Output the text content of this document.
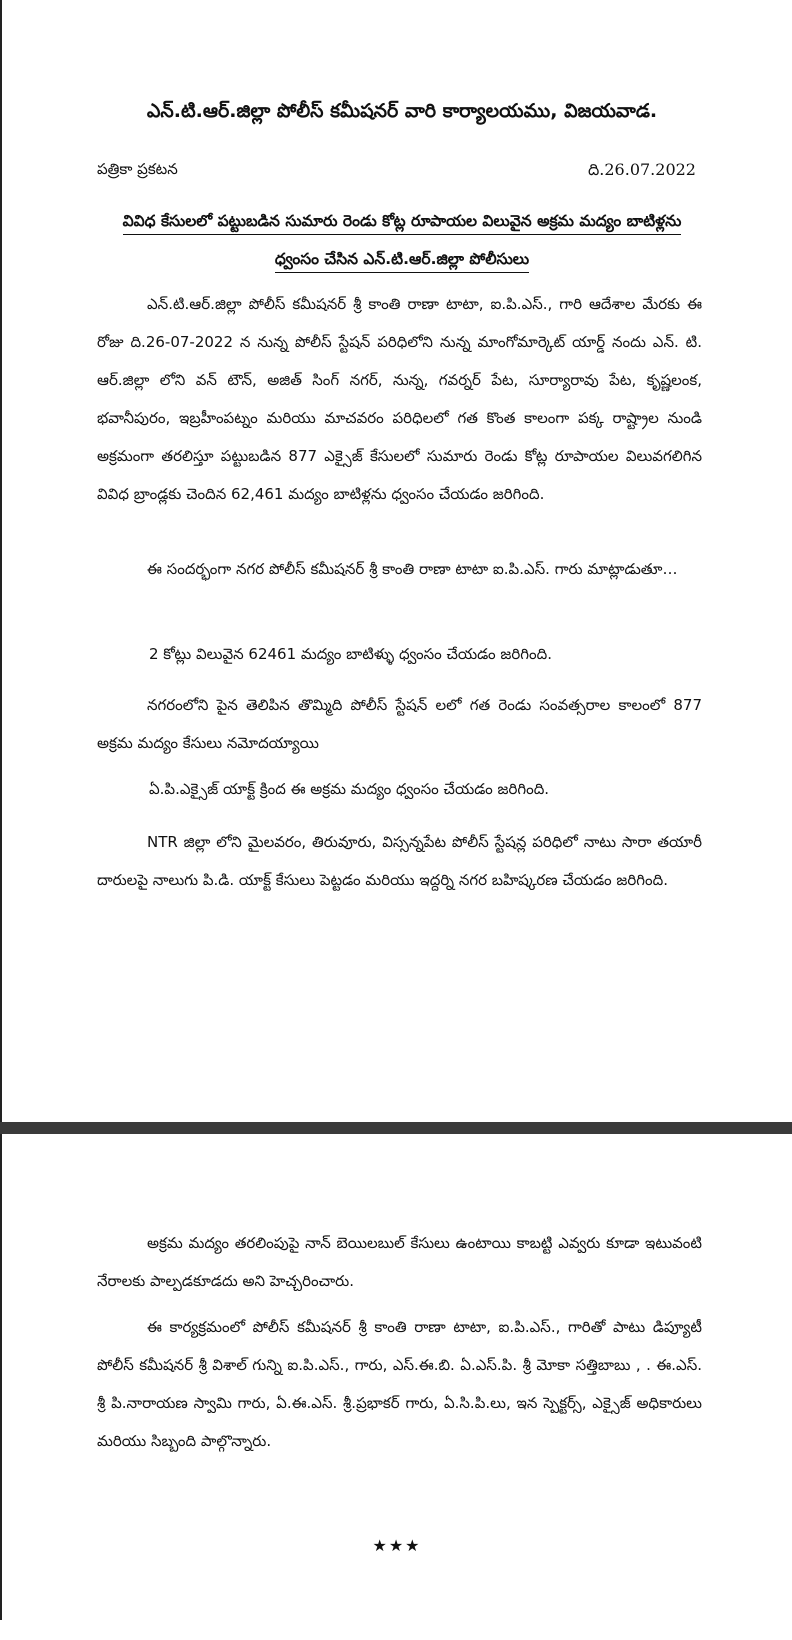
ఎన్.టి.ఆర్.జిల్లా పోలీస్ కమీషనర్ వారి కార్యాలయము, విజయవాడ.
పత్రికా ప్రకటన	ది.26.07.2022
వివిధ కేసులలో పట్టుబడిన సుమారు రెండు కోట్ల రూపాయల విలువైన అక్రమ మద్యం బాటిళ్లను
ధ్వంసం చేసిన ఎన్.టి.ఆర్.జిల్లా పోలీసులు
ఎన్.టి.ఆర్.జిల్లా పోలీస్ కమీషనర్ శ్రీ కాంతి రాణా టాటా, ఐ.పి.ఎస్., గారి ఆదేశాల మేరకు ఈ రోజు ది.26-07-2022 న నున్న పోలీస్ స్టేషన్ పరిధిలోని నున్న మాంగోమార్కెట్ యార్డ్ నందు ఎన్. టి. ఆర్.జిల్లా లోని వన్ టౌన్, అజిత్ సింగ్ నగర్, నున్న, గవర్నర్ పేట, సూర్యారావు పేట, కృష్ణలంక, భవానీపురం, ఇబ్రహీంపట్నం మరియు మాచవరం పరిధిలలో గత కొంత కాలంగా పక్క రాష్ట్రాల నుండి అక్రమంగా తరలిస్తూ పట్టుబడిన 877 ఎక్సైజ్ కేసులలో సుమారు రెండు కోట్ల రూపాయల విలువగలిగిన వివిధ బ్రాండ్లకు చెందిన 62,461 మద్యం బాటిళ్లను ధ్వంసం చేయడం జరిగింది.
ఈ సందర్భంగా నగర పోలీస్ కమీషనర్ శ్రీ కాంతి రాణా టాటా ఐ.పి.ఎస్. గారు మాట్లాడుతూ…
2 కోట్లు విలువైన 62461 మద్యం బాటిళ్ళు ధ్వంసం చేయడం జరిగింది.
నగరంలోని పైన తెలిపిన తొమ్మిది పోలీస్ స్టేషన్ లలో గత రెండు సంవత్సరాల కాలంలో 877 అక్రమ మద్యం కేసులు నమోదయ్యాయి
ఏ.పి.ఎక్సైజ్ యాక్ట్ క్రింద ఈ అక్రమ మద్యం ధ్వంసం చేయడం జరిగింది.
NTR జిల్లా లోని మైలవరం, తిరువూరు, విస్సన్నపేట పోలీస్ స్టేషన్ల పరిధిలో నాటు సారా తయారీ దారులపై నాలుగు పి.డి. యాక్ట్ కేసులు పెట్టడం మరియు ఇద్దర్ని నగర బహిష్కరణ చేయడం జరిగింది.
అక్రమ మద్యం తరలింపుపై నాన్ బెయిలబుల్ కేసులు ఉంటాయి కాబట్టి ఎవ్వరు కూడా ఇటువంటి నేరాలకు పాల్పడకూడదు అని హెచ్చరించారు.
ఈ కార్యక్రమంలో పోలీస్ కమీషనర్ శ్రీ కాంతి రాణా టాటా, ఐ.పి.ఎస్., గారితో పాటు డిప్యూటీ పోలీస్ కమీషనర్ శ్రీ విశాల్ గున్ని ఐ.పి.ఎస్., గారు, ఎస్.ఈ.బి. ఏ.ఎస్.పి. శ్రీ మోకా సత్తిబాబు , . ఈ.ఎస్. శ్రీ పి.నారాయణ స్వామి గారు, ఏ.ఈ.ఎస్. శ్రీ.ప్రభాకర్ గారు, ఏ.సి.పి.లు, ఇన స్పెక్టర్స్, ఎక్సైజ్ అధికారులు మరియు సిబ్బంది పాల్గొన్నారు.
★★★
